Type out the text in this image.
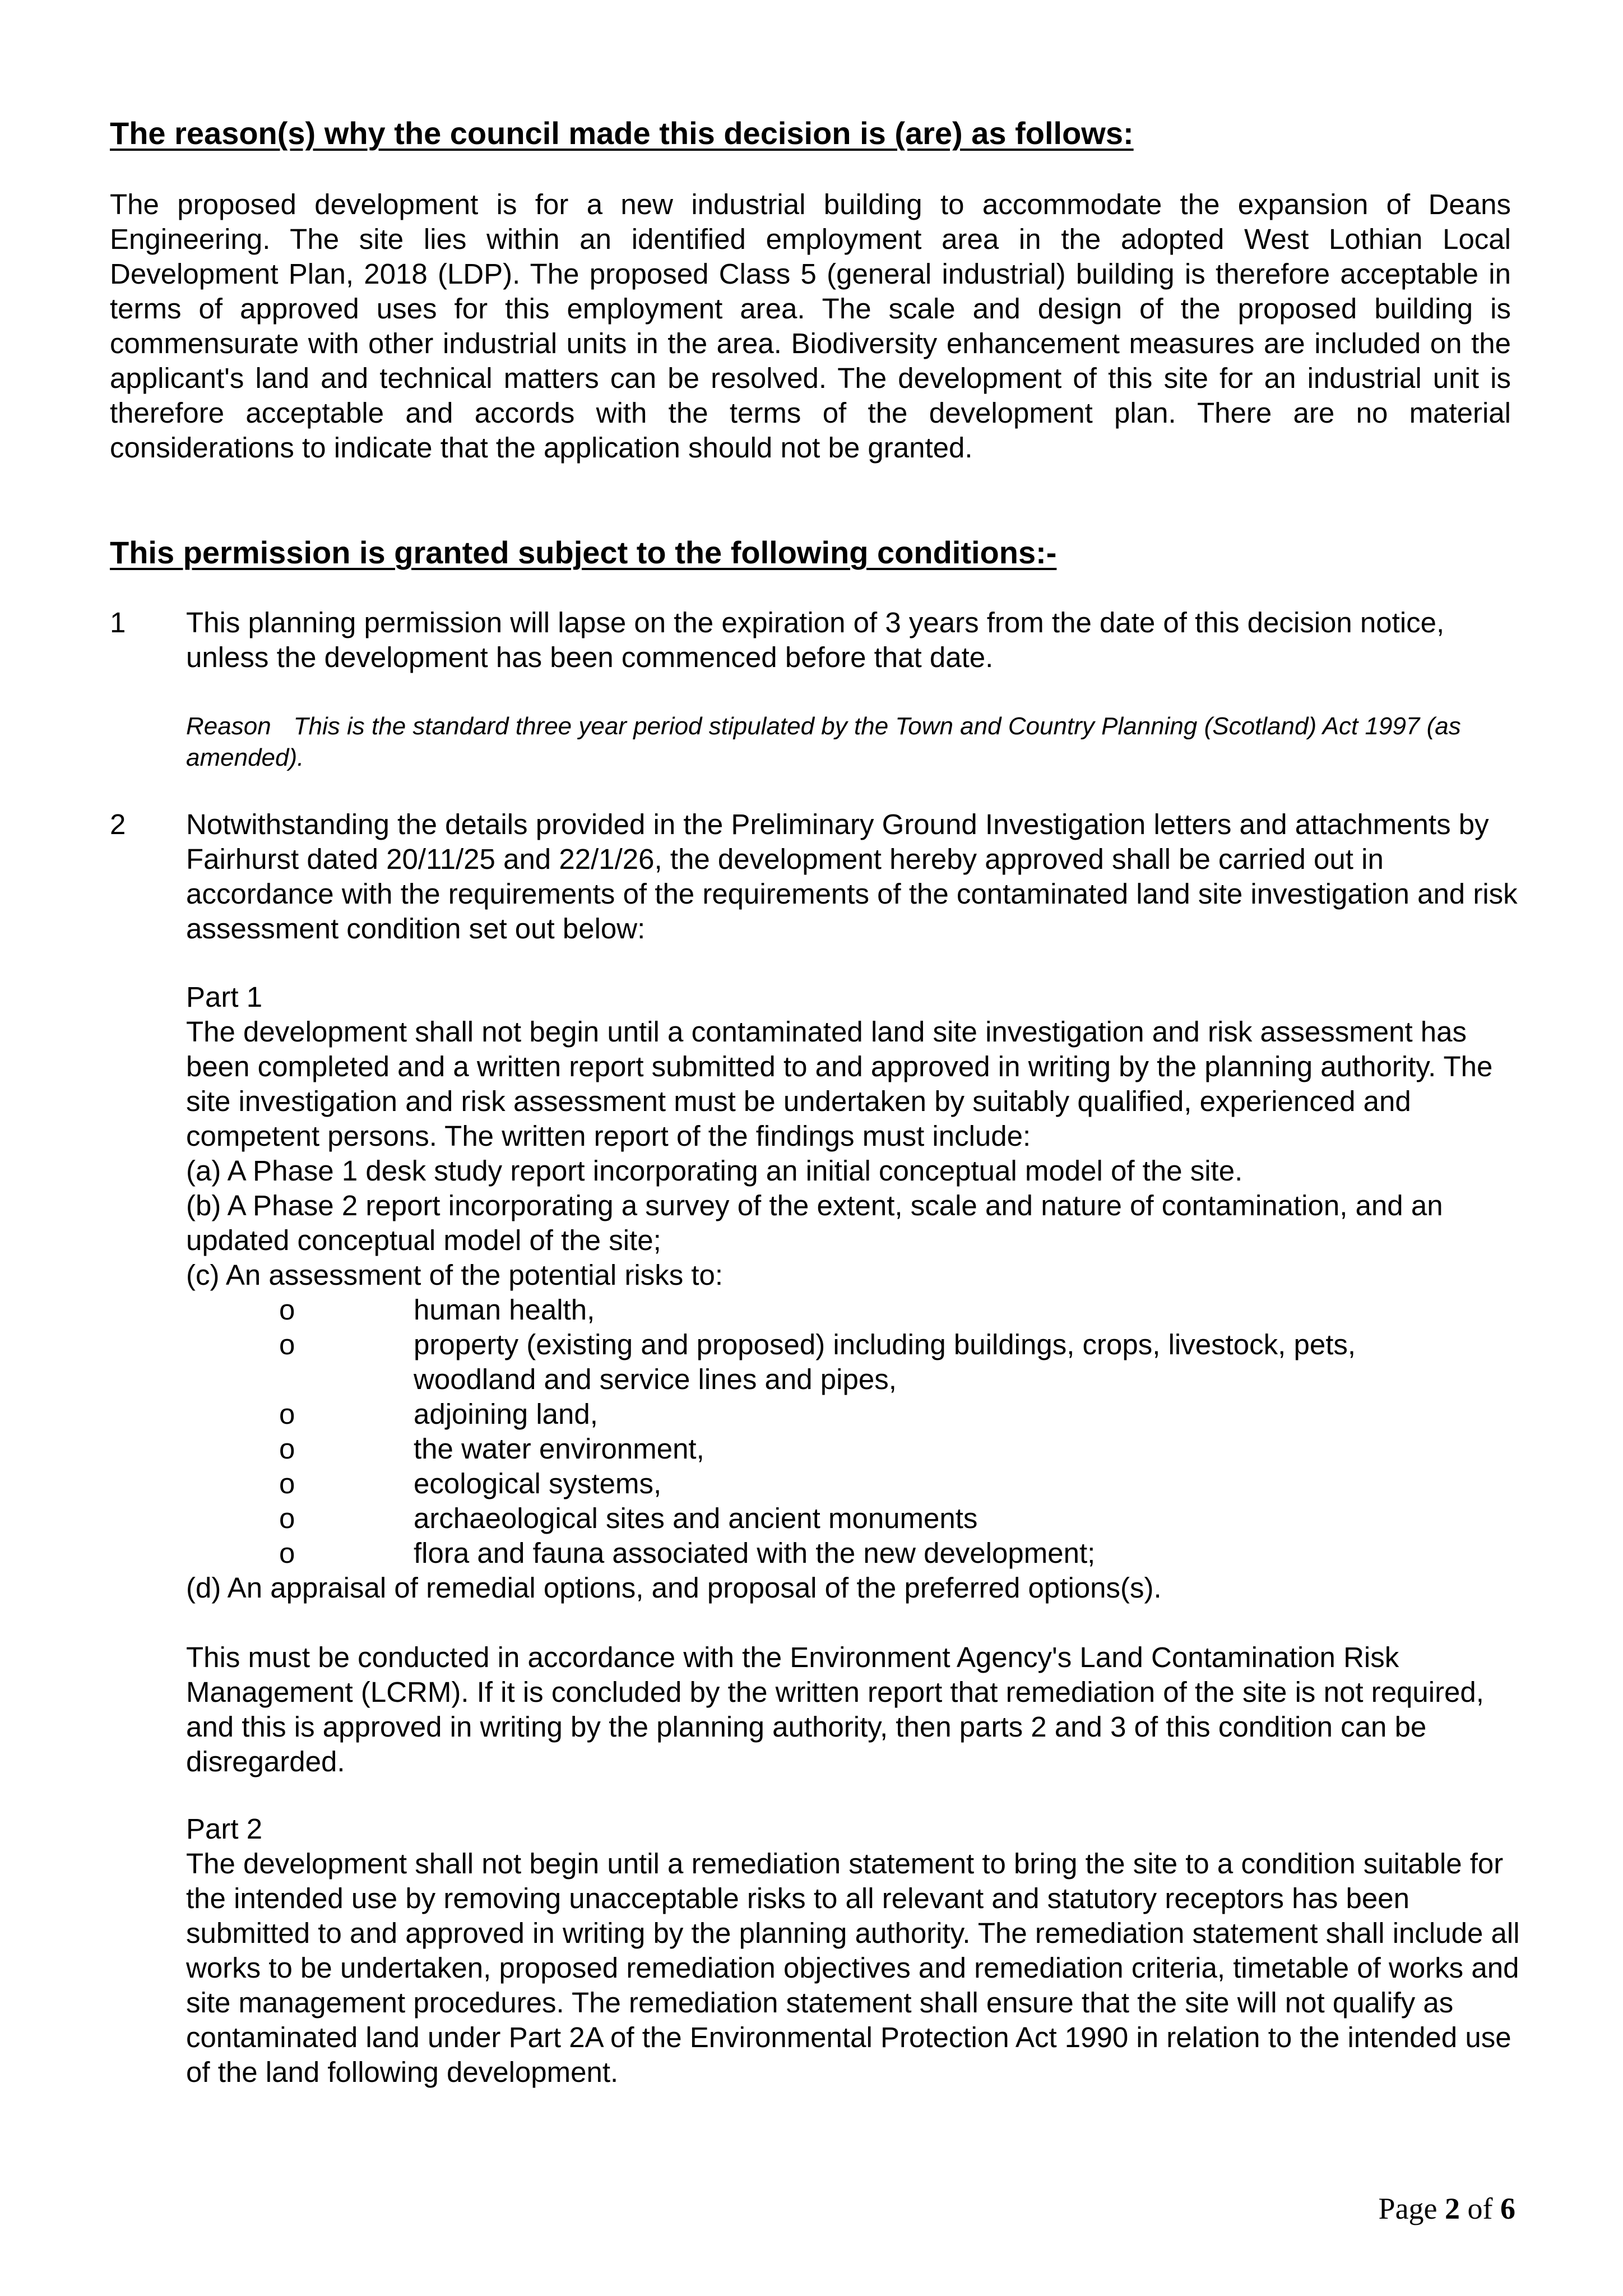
The reason(s) why the council made this decision is (are) as follows:

The proposed development is for a new industrial building to accommodate the expansion of Deans Engineering. The site lies within an identified employment area in the adopted West Lothian Local Development Plan, 2018 (LDP). The proposed Class 5 (general industrial) building is therefore acceptable in terms of approved uses for this employment area. The scale and design of the proposed building is commensurate with other industrial units in the area. Biodiversity enhancement measures are included on the applicant's land and technical matters can be resolved. The development of this site for an industrial unit is therefore acceptable and accords with the terms of the development plan. There are no material considerations to indicate that the application should not be granted.

This permission is granted subject to the following conditions:-
1 This planning permission will lapse on the expiration of 3 years from the date of this decision notice, unless the development has been commenced before that date.

Reason This is the standard three year period stipulated by the Town and Country Planning (Scotland) Act 1997 (as amended).

2 Notwithstanding the details provided in the Preliminary Ground Investigation letters and attachments by Fairhurst dated 20/11/25 and 22/1/26, the development hereby approved shall be carried out in accordance with the requirements of the requirements of the contaminated land site investigation and risk assessment condition set out below:

Part 1
The development shall not begin until a contaminated land site investigation and risk assessment has been completed and a written report submitted to and approved in writing by the planning authority. The site investigation and risk assessment must be undertaken by suitably qualified, experienced and competent persons. The written report of the findings must include:
(a) A Phase 1 desk study report incorporating an initial conceptual model of the site.
(b) A Phase 2 report incorporating a survey of the extent, scale and nature of contamination, and an updated conceptual model of the site;
(c) An assessment of the potential risks to:
o	human health,
o	property (existing and proposed) including buildings, crops, livestock, pets,
woodland and service lines and pipes,
o	adjoining land,
o	the water environment,
o	ecological systems,
o	archaeological sites and ancient monuments
o	flora and fauna associated with the new development;
(d) An appraisal of remedial options, and proposal of the preferred options(s).
This must be conducted in accordance with the Environment Agency's Land Contamination Risk Management (LCRM). If it is concluded by the written report that remediation of the site is not required, and this is approved in writing by the planning authority, then parts 2 and 3 of this condition can be disregarded.
Part 2
The development shall not begin until a remediation statement to bring the site to a condition suitable for the intended use by removing unacceptable risks to all relevant and statutory receptors has been submitted to and approved in writing by the planning authority. The remediation statement shall include all works to be undertaken, proposed remediation objectives and remediation criteria, timetable of works and site management procedures. The remediation statement shall ensure that the site will not qualify as contaminated land under Part 2A of the Environmental Protection Act 1990 in relation to the intended use of the land following development.
Page 2 of 6
